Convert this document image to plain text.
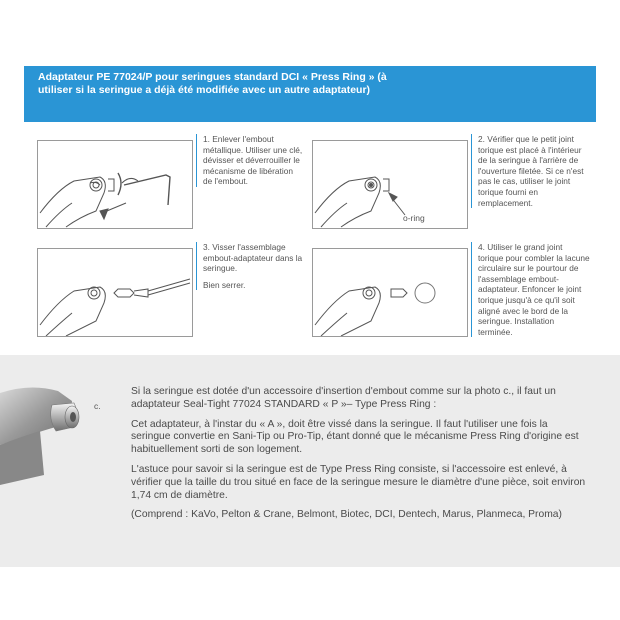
Adaptateur PE 77024/P pour seringues standard DCI « Press Ring » (à utiliser si la seringue a déjà été modifiée avec un autre adaptateur)

1. Enlever l'embout métallique. Utiliser une clé, dévisser et déverrouiller le mécanisme de libération de l'embout.

o-ring

2. Vérifier que le petit joint torique est placé à l'intérieur de la seringue à l'arrière de l'ouverture filetée. Si ce n'est pas le cas, utiliser le joint torique fourni en remplacement.

3. Visser l'assemblage embout-adaptateur dans la seringue.

Bien serrer.

4. Utiliser le grand joint torique pour combler la lacune circulaire sur le pourtour de l'assemblage embout-adaptateur. Enfoncer le joint torique jusqu'à ce qu'il soit aligné avec le bord de la seringue. Installation terminée.

c.

Si la seringue est dotée d'un accessoire d'insertion d'embout comme sur la photo c., il faut un adaptateur Seal-Tight 77024 STANDARD « P »– Type Press Ring :

Cet adaptateur, à l'instar du « A », doit être vissé dans la seringue. Il faut l'utiliser une fois la seringue convertie en Sani-Tip ou Pro-Tip, étant donné que le mécanisme Press Ring d'origine est habituellement sorti de son logement.

L'astuce pour savoir si la seringue est de Type Press Ring consiste, si l'accessoire est enlevé, à vérifier que la taille du trou situé en face de la seringue mesure le diamètre d'une pièce, soit environ 1,74 cm de diamètre.

(Comprend : KaVo, Pelton & Crane, Belmont, Biotec, DCI, Dentech, Marus, Planmeca, Proma)
